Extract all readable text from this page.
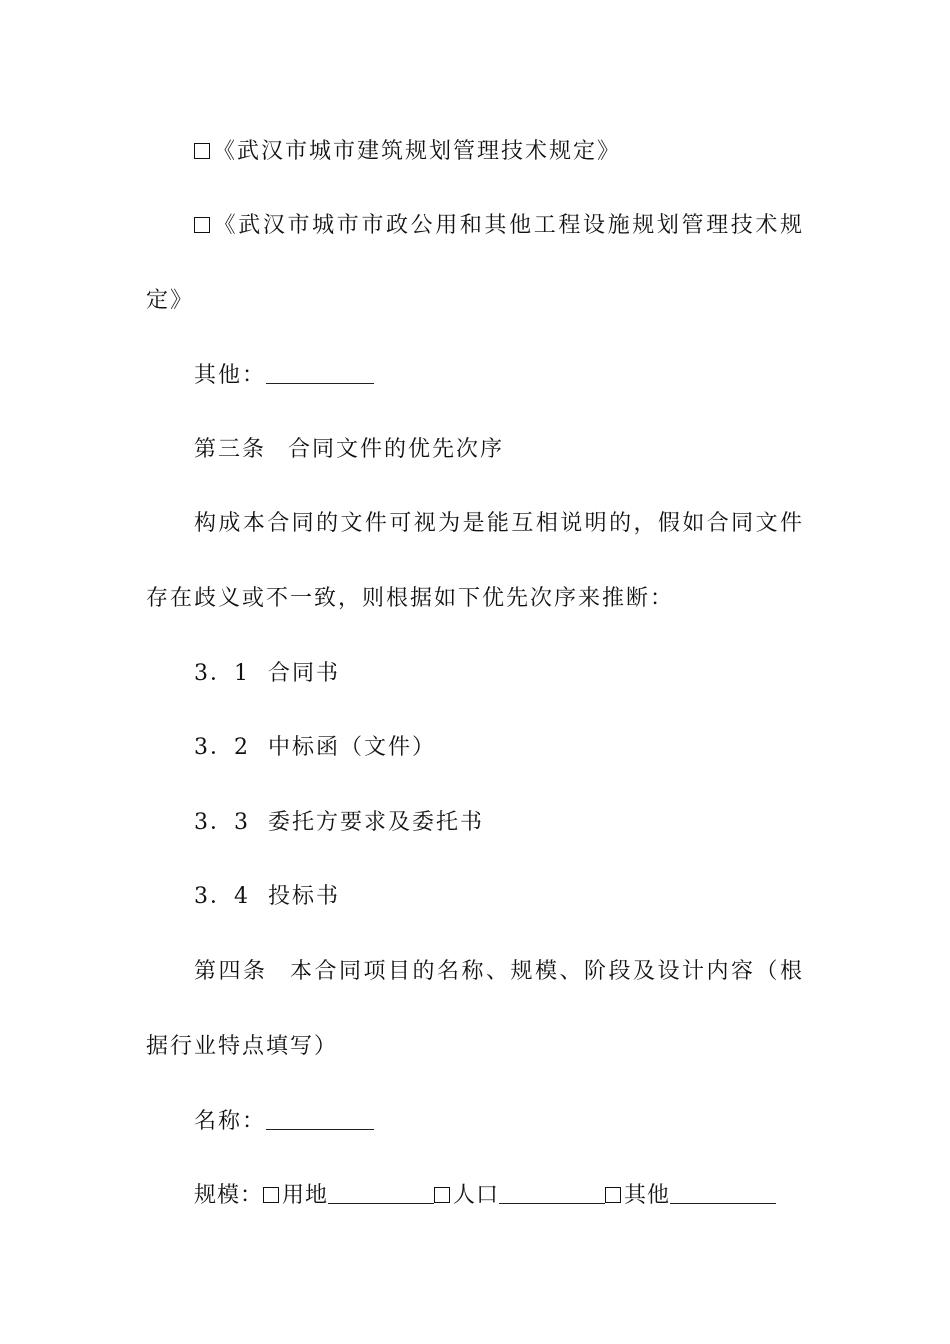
《武汉市城市建筑规划管理技术规定》
《武汉市城市市政公用和其他工程设施规划管理技术规
定》
其他：
第三条 合同文件的优先次序
构成本合同的文件可视为是能互相说明的，假如合同文件
存在歧义或不一致，则根据如下优先次序来推断：
3．1 合同书
3．2 中标函（文件）
3．3 委托方要求及委托书
3．4 投标书
第四条 本合同项目的名称、规模、阶段及设计内容（根
据行业特点填写）
名称：
规模： 用地	人口	其他
